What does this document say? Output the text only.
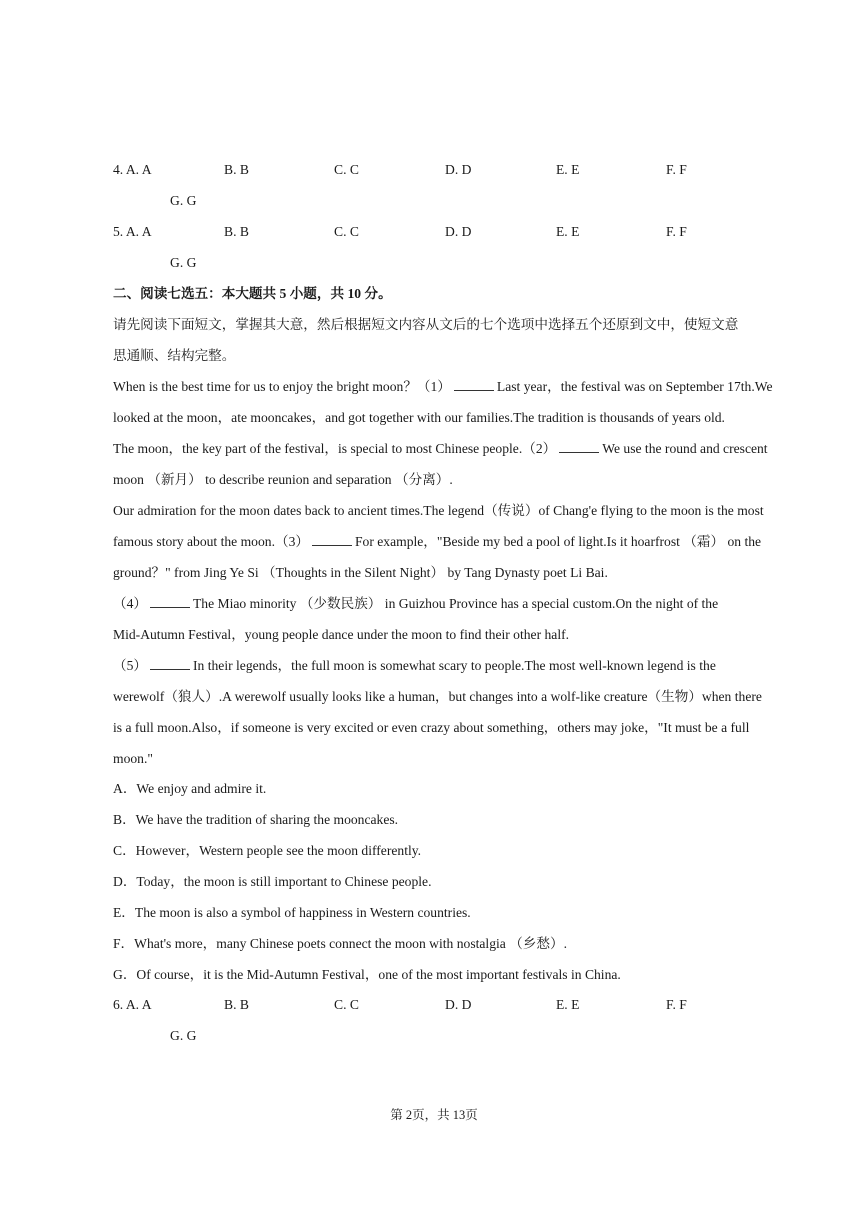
4. A. A	B. B	C. C	D. D	E. E	F. F
G. G
5. A. A	B. B	C. C	D. D	E. E	F. F
G. G
二、阅读七选五：本大题共 5 小题，共 10 分。
请先阅读下面短文，掌握其大意，然后根据短文内容从文后的七个选项中选择五个还原到文中，使短文意
思通顺、结构完整。
When is the best time for us to enjoy the bright moon？（1）	Last year，the festival was on September 17th.We
looked at the moon，ate mooncakes，and got together with our families.The tradition is thousands of years old.
The moon，the key part of the festival，is special to most Chinese people.（2）	We use the round and crescent
moon （新月） to describe reunion and separation （分离）.
Our admiration for the moon dates back to ancient times.The legend（传说）of Chang'e flying to the moon is the most
famous story about the moon.（3）	For example，"Beside my bed a pool of light.Is it hoarfrost （霜） on the
ground？" from Jing Ye Si （Thoughts in the Silent Night） by Tang Dynasty poet Li Bai.
（4）	The Miao minority （少数民族） in Guizhou Province has a special custom.On the night of the
Mid-Autumn Festival，young people dance under the moon to find their other half.
（5）	In their legends，the full moon is somewhat scary to people.The most well-known legend is the
werewolf（狼人）.A werewolf usually looks like a human，but changes into a wolf-like creature（生物）when there
is a full moon.Also，if someone is very excited or even crazy about something，others may joke，"It must be a full
moon."
A．We enjoy and admire it.
B．We have the tradition of sharing the mooncakes.
C．However，Western people see the moon differently.
D．Today，the moon is still important to Chinese people.
E．The moon is also a symbol of happiness in Western countries.
F．What's more，many Chinese poets connect the moon with nostalgia （乡愁）.
G．Of course，it is the Mid-Autumn Festival，one of the most important festivals in China.
6. A. A	B. B	C. C	D. D	E. E	F. F
G. G
第 2页，共 13页
